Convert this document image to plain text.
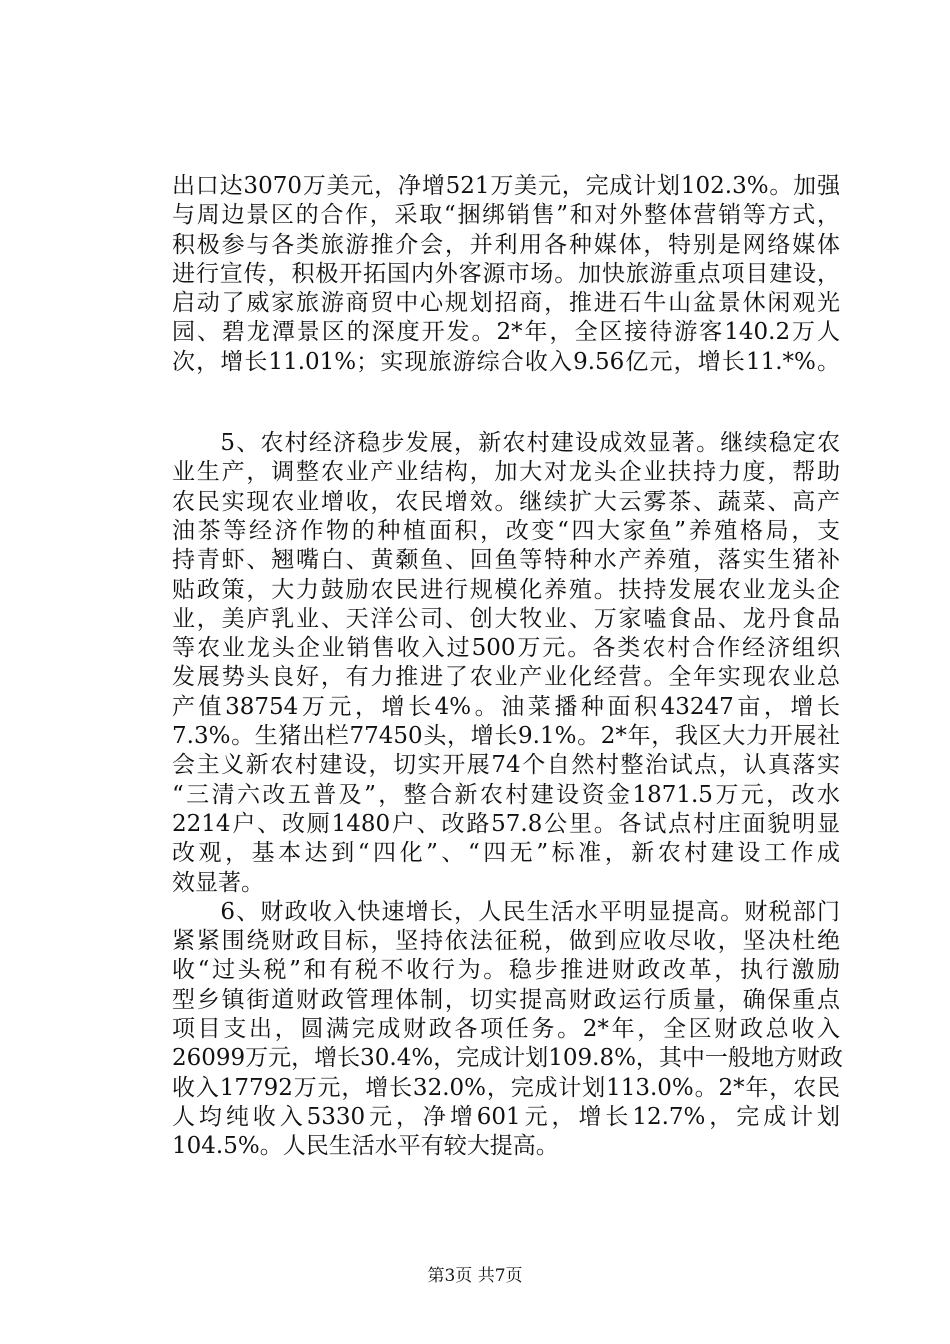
出口达3070万美元，净增521万美元，完成计划102.3%。加强
与周边景区的合作，采取“捆绑销售”和对外整体营销等方式，
积极参与各类旅游推介会，并利用各种媒体，特别是网络媒体
进行宣传，积极开拓国内外客源市场。加快旅游重点项目建设，
启动了威家旅游商贸中心规划招商，推进石牛山盆景休闲观光
园、碧龙潭景区的深度开发。2*年，全区接待游客140.2万人
次，增长11.01%；实现旅游综合收入9.56亿元，增长11.*%。
　　5、农村经济稳步发展，新农村建设成效显著。继续稳定农
业生产，调整农业产业结构，加大对龙头企业扶持力度，帮助
农民实现农业增收，农民增效。继续扩大云雾茶、蔬菜、高产
油茶等经济作物的种植面积，改变“四大家鱼”养殖格局，支
持青虾、翘嘴白、黄颡鱼、回鱼等特种水产养殖，落实生猪补
贴政策，大力鼓励农民进行规模化养殖。扶持发展农业龙头企
业，美庐乳业、天洋公司、创大牧业、万家嗑食品、龙丹食品
等农业龙头企业销售收入过500万元。各类农村合作经济组织
发展势头良好，有力推进了农业产业化经营。全年实现农业总
产值38754万元，增长4%。油菜播种面积43247亩，增长
7.3%。生猪出栏77450头，增长9.1%。2*年，我区大力开展社
会主义新农村建设，切实开展74个自然村整治试点，认真落实
“三清六改五普及”，整合新农村建设资金1871.5万元，改水
2214户、改厕1480户、改路57.8公里。各试点村庄面貌明显
改观，基本达到“四化”、“四无”标准，新农村建设工作成
效显著。
　　6、财政收入快速增长，人民生活水平明显提高。财税部门
紧紧围绕财政目标，坚持依法征税，做到应收尽收，坚决杜绝
收“过头税”和有税不收行为。稳步推进财政改革，执行激励
型乡镇街道财政管理体制，切实提高财政运行质量，确保重点
项目支出，圆满完成财政各项任务。2*年，全区财政总收入
26099万元，增长30.4%，完成计划109.8%，其中一般地方财政
收入17792万元，增长32.0%，完成计划113.0%。2*年，农民
人均纯收入5330元，净增601元，增长12.7%，完成计划
104.5%。人民生活水平有较大提高。
第3页 共7页
